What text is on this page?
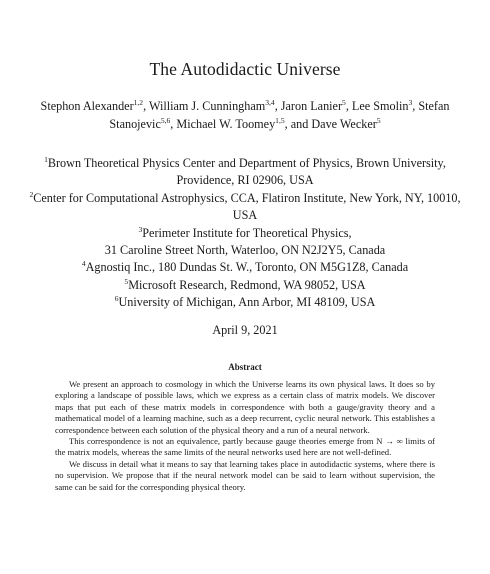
The Autodidactic Universe
Stephon Alexander$^{1,2}$, William J. Cunningham$^{3,4}$, Jaron Lanier$^5$, Lee Smolin$^3$, Stefan Stanojevic$^{5,6}$, Michael W. Toomey$^{1,5}$, and Dave Wecker$^5$
$^1$Brown Theoretical Physics Center and Department of Physics, Brown University, Providence, RI 02906, USA
$^2$Center for Computational Astrophysics, CCA, Flatiron Institute, New York, NY, 10010, USA
$^3$Perimeter Institute for Theoretical Physics,
31 Caroline Street North, Waterloo, ON N2J2Y5, Canada
$^4$Agnostiq Inc., 180 Dundas St. W., Toronto, ON M5G1Z8, Canada
$^5$Microsoft Research, Redmond, WA 98052, USA
$^6$University of Michigan, Ann Arbor, MI 48109, USA
April 9, 2021
Abstract

We present an approach to cosmology in which the Universe learns its own physical laws. It does so by exploring a landscape of possible laws, which we express as a certain class of matrix models. We discover maps that put each of these matrix models in correspondence with both a gauge/gravity theory and a mathematical model of a learning machine, such as a deep recurrent, cyclic neural network. This establishes a correspondence between each solution of the physical theory and a run of a neural network.

This correspondence is not an equivalence, partly because gauge theories emerge from N → ∞ limits of the matrix models, whereas the same limits of the neural networks used here are not well-defined.

We discuss in detail what it means to say that learning takes place in autodidactic systems, where there is no supervision. We propose that if the neural network model can be said to learn without supervision, the same can be said for the corresponding physical theory.
